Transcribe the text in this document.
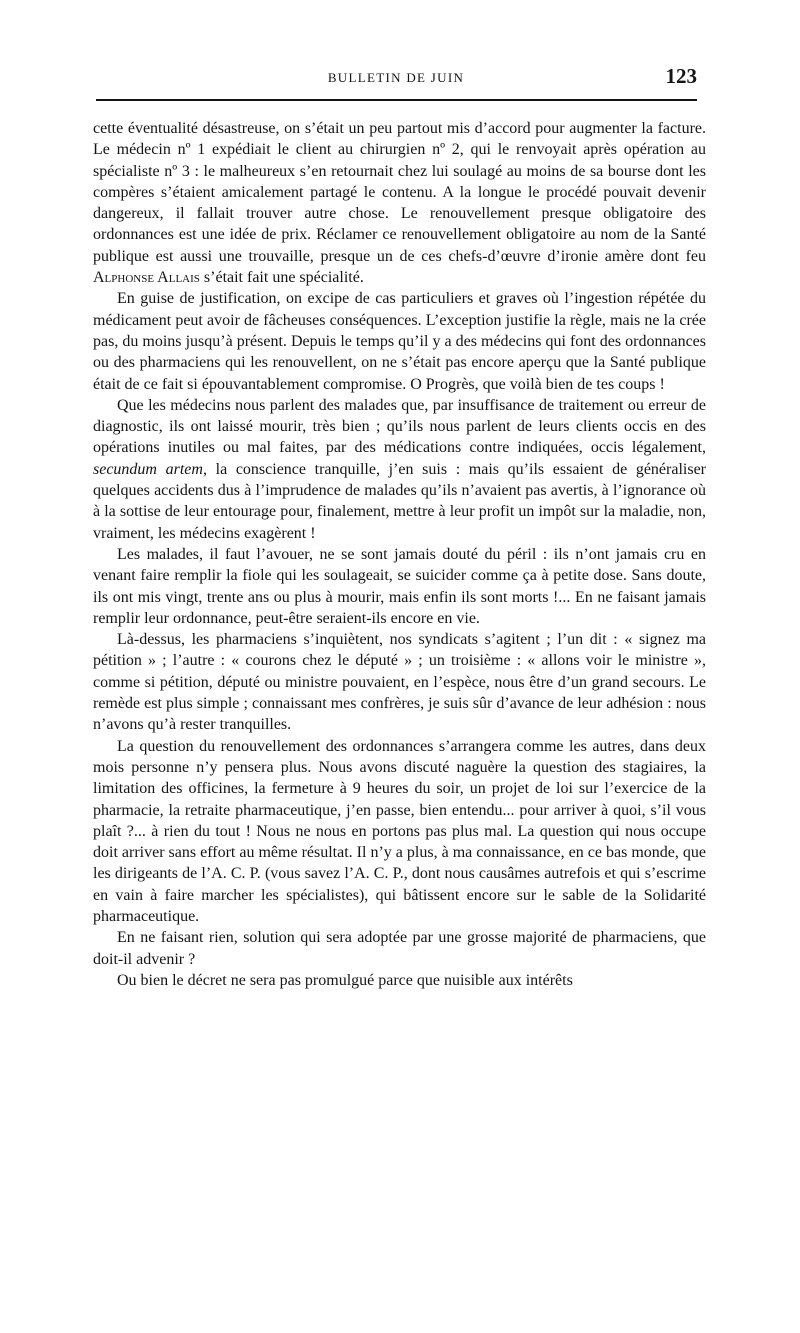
BULLETIN DE JUIN	123

cette éventualité désastreuse, on s’était un peu partout mis d’accord pour augmenter la facture. Le médecin nº 1 expédiait le client au chirurgien nº 2, qui le renvoyait après opération au spécialiste nº 3 : le malheureux s’en retournait chez lui soulagé au moins de sa bourse dont les compères s’étaient amicalement partagé le contenu. A la longue le procédé pouvait devenir dangereux, il fallait trouver autre chose. Le renouvellement presque obligatoire des ordonnances est une idée de prix. Réclamer ce renouvellement obligatoire au nom de la Santé publique est aussi une trouvaille, presque un de ces chefs-d’œuvre d’ironie amère dont feu Alphonse Allais s’était fait une spécialité.

En guise de justification, on excipe de cas particuliers et graves où l’ingestion répétée du médicament peut avoir de fâcheuses conséquences. L’exception justifie la règle, mais ne la crée pas, du moins jusqu’à présent. Depuis le temps qu’il y a des médecins qui font des ordonnances ou des pharmaciens qui les renouvellent, on ne s’était pas encore aperçu que la Santé publique était de ce fait si épouvantablement compromise. O Progrès, que voilà bien de tes coups !

Que les médecins nous parlent des malades que, par insuffisance de traitement ou erreur de diagnostic, ils ont laissé mourir, très bien ; qu’ils nous parlent de leurs clients occis en des opérations inutiles ou mal faites, par des médications contre indiquées, occis légalement, secundum artem, la conscience tranquille, j’en suis : mais qu’ils essaient de généraliser quelques accidents dus à l’imprudence de malades qu’ils n’avaient pas avertis, à l’ignorance où à la sottise de leur entourage pour, finalement, mettre à leur profit un impôt sur la maladie, non, vraiment, les médecins exagèrent !

Les malades, il faut l’avouer, ne se sont jamais douté du péril : ils n’ont jamais cru en venant faire remplir la fiole qui les soulageait, se suicider comme ça à petite dose. Sans doute, ils ont mis vingt, trente ans ou plus à mourir, mais enfin ils sont morts !... En ne faisant jamais remplir leur ordonnance, peut-être seraient-ils encore en vie.

Là-dessus, les pharmaciens s’inquiètent, nos syndicats s’agitent ; l’un dit : « signez ma pétition » ; l’autre : « courons chez le député » ; un troisième : « allons voir le ministre », comme si pétition, député ou ministre pouvaient, en l’espèce, nous être d’un grand secours. Le remède est plus simple ; connaissant mes confrères, je suis sûr d’avance de leur adhésion : nous n’avons qu’à rester tranquilles.

La question du renouvellement des ordonnances s’arrangera comme les autres, dans deux mois personne n’y pensera plus. Nous avons discuté naguère la question des stagiaires, la limitation des officines, la fermeture à 9 heures du soir, un projet de loi sur l’exercice de la pharmacie, la retraite pharmaceutique, j’en passe, bien entendu... pour arriver à quoi, s’il vous plaît ?... à rien du tout ! Nous ne nous en portons pas plus mal. La question qui nous occupe doit arriver sans effort au même résultat. Il n’y a plus, à ma connaissance, en ce bas monde, que les dirigeants de l’A. C. P. (vous savez l’A. C. P., dont nous causâmes autrefois et qui s’escrime en vain à faire marcher les spécialistes), qui bâtissent encore sur le sable de la Solidarité pharmaceutique.

En ne faisant rien, solution qui sera adoptée par une grosse majorité de pharmaciens, que doit-il advenir ?

Ou bien le décret ne sera pas promulgué parce que nuisible aux intérêts
